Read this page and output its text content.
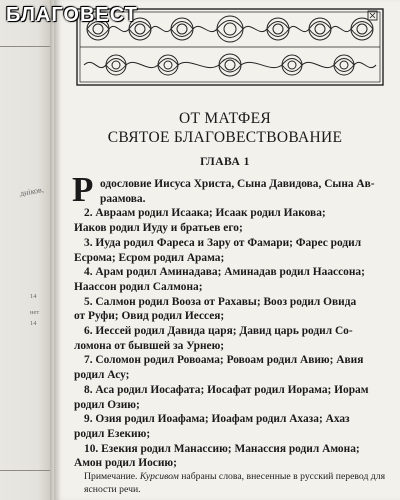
дніков,
14
нет
14
БЛАГОВЕСТ
ОТ МАТФЕЯ
СВЯТОЕ БЛАГОВЕСТВОВАНИЕ
ГЛАВА 1
Р одословие Иисуса Христа, Сына Давидова, Сына Ав-
раамова.
2. Авраам родил Исаака; Исаак родил Иакова;
Иаков родил Иуду и братьев его;
3. Иуда родил Фареса и Зару от Фамари; Фарес родил
Есрома; Есром родил Арама;
4. Арам родил Аминадава; Аминадав родил Наассона;
Наассон родил Салмона;
5. Салмон родил Вооза от Рахавы; Вооз родил Овида
от Руфи; Овид родил Иессея;
6. Иессей родил Давида царя; Давид царь родил Со-
ломона от бывшей за Урнею;
7. Соломон родил Ровоама; Ровоам родил Авию; Авия
родил Асу;
8. Аса родил Иосафата; Иосафат родил Иорама; Иорам
родил Озию;
9. Озия родил Иоафама; Иоафам родил Ахаза; Ахаз
родил Езекию;
10. Езекия родил Манассию; Манассия родил Амона;
Амон родил Иосию;
Примечание. Курсивом набраны слова, внесенные в русский перевод для ясности речи.
